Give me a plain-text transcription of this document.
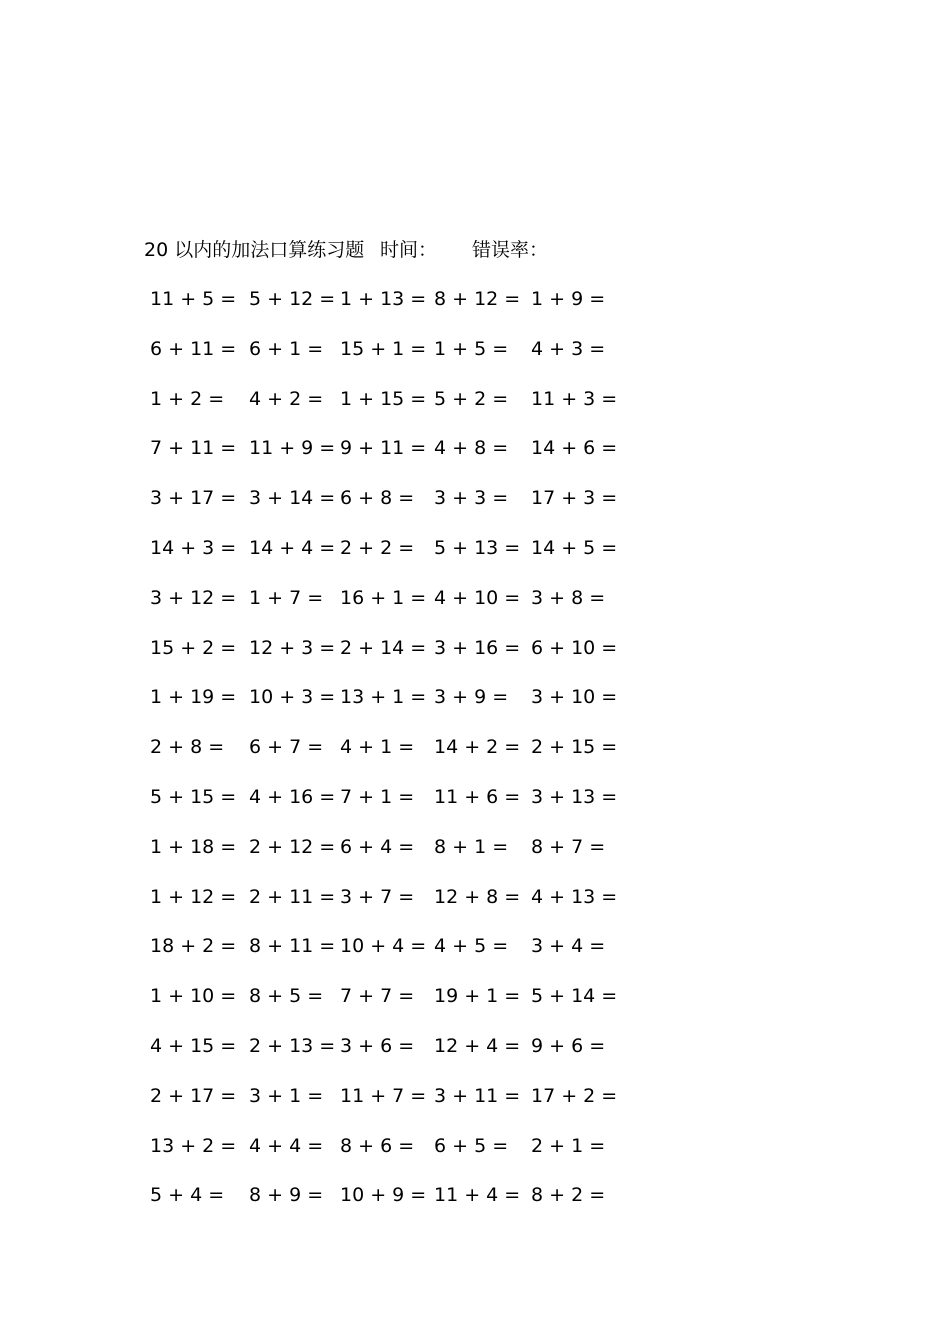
20 以内的加法口算练习题 时间： 错误率：
11 + 5 = 5 + 12 = 1 + 13 = 8 + 12 = 1 + 9 =
6 + 11 = 6 + 1 = 15 + 1 = 1 + 5 = 4 + 3 =
1 + 2 = 4 + 2 = 1 + 15 = 5 + 2 = 11 + 3 =
7 + 11 = 11 + 9 = 9 + 11 = 4 + 8 = 14 + 6 =
3 + 17 = 3 + 14 = 6 + 8 = 3 + 3 = 17 + 3 =
14 + 3 = 14 + 4 = 2 + 2 = 5 + 13 = 14 + 5 =
3 + 12 = 1 + 7 = 16 + 1 = 4 + 10 = 3 + 8 =
15 + 2 = 12 + 3 = 2 + 14 = 3 + 16 = 6 + 10 =
1 + 19 = 10 + 3 = 13 + 1 = 3 + 9 = 3 + 10 =
2 + 8 = 6 + 7 = 4 + 1 = 14 + 2 = 2 + 15 =
5 + 15 = 4 + 16 = 7 + 1 = 11 + 6 = 3 + 13 =
1 + 18 = 2 + 12 = 6 + 4 = 8 + 1 = 8 + 7 =
1 + 12 = 2 + 11 = 3 + 7 = 12 + 8 = 4 + 13 =
18 + 2 = 8 + 11 = 10 + 4 = 4 + 5 = 3 + 4 =
1 + 10 = 8 + 5 = 7 + 7 = 19 + 1 = 5 + 14 =
4 + 15 = 2 + 13 = 3 + 6 = 12 + 4 = 9 + 6 =
2 + 17 = 3 + 1 = 11 + 7 = 3 + 11 = 17 + 2 =
13 + 2 = 4 + 4 = 8 + 6 = 6 + 5 = 2 + 1 =
5 + 4 = 8 + 9 = 10 + 9 = 11 + 4 = 8 + 2 =
